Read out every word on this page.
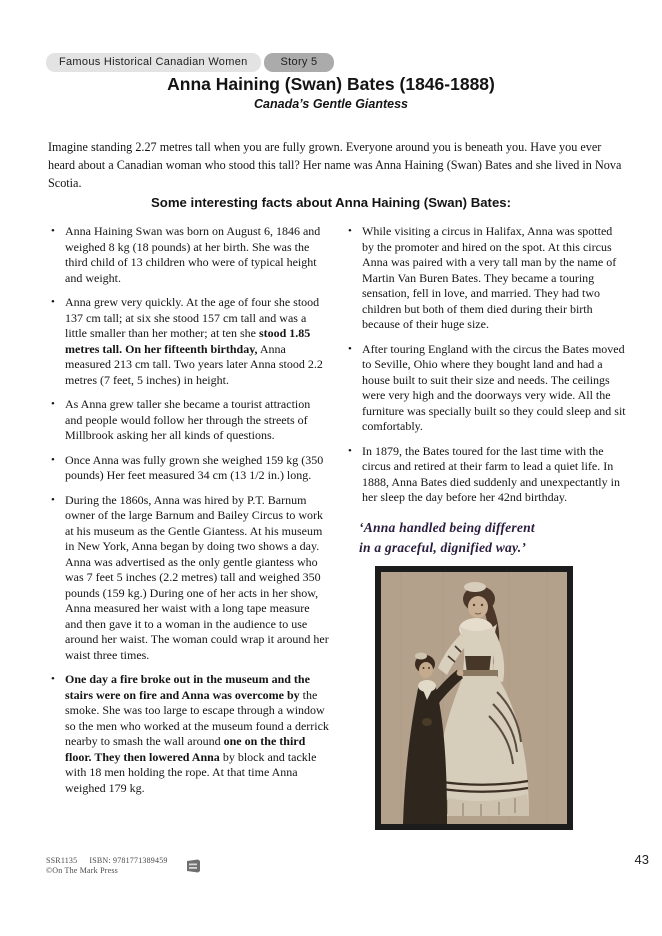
Famous Historical Canadian Women	Story 5
Anna Haining (Swan) Bates (1846-1888)
Canada’s Gentle Giantess

Imagine standing 2.27 metres tall when you are fully grown. Everyone around you is beneath you. Have you ever heard about a Canadian woman who stood this tall? Her name was Anna Haining (Swan) Bates and she lived in Nova Scotia.

Some interesting facts about Anna Haining (Swan) Bates:
• Anna Haining Swan was born on August 6, 1846 and weighed 8 kg (18 pounds) at her birth. She was the third child of 13 children who were of typical height and weight.
• Anna grew very quickly. At the age of four she stood 137 cm tall; at six she stood 157 cm tall and was a little smaller than her mother; at ten she stood 1.85 metres tall. On her fifteenth birthday, Anna measured 213 cm tall. Two years later Anna stood 2.2 metres (7 feet, 5 inches) in height.
• As Anna grew taller she became a tourist attraction and people would follow her through the streets of Millbrook asking her all kinds of questions.
• Once Anna was fully grown she weighed 159 kg (350 pounds) Her feet measured 34 cm (13 1/2 in.) long.
• During the 1860s, Anna was hired by P.T. Barnum owner of the large Barnum and Bailey Circus to work at his museum as the Gentle Giantess. At his museum in New York, Anna began by doing two shows a day. Anna was advertised as the only gentle giantess who was 7 feet 5 inches (2.2 metres) tall and weighed 350 pounds (159 kg.) During one of her acts in her show, Anna measured her waist with a long tape measure and then gave it to a woman in the audience to use around her waist. The woman could wrap it around her waist three times.
• One day a fire broke out in the museum and the stairs were on fire and Anna was overcome by the smoke. She was too large to escape through a window so the men who worked at the museum found a derrick nearby to smash the wall around one on the third floor. They then lowered Anna by block and tackle with 18 men holding the rope. At that time Anna weighed 179 kg.
• While visiting a circus in Halifax, Anna was spotted by the promoter and hired on the spot. At this circus Anna was paired with a very tall man by the name of Martin Van Buren Bates. They became a touring sensation, fell in love, and married. They had two children but both of them died during their birth because of their huge size.
• After touring England with the circus the Bates moved to Seville, Ohio where they bought land and had a house built to suit their size and needs. The ceilings were very high and the doorways very wide. All the furniture was specially built so they could sleep and sit comfortably.
• In 1879, the Bates toured for the last time with the circus and retired at their farm to lead a quiet life. In 1888, Anna Bates died suddenly and unexpectantly in her sleep the day before her 42nd birthday.
‘Anna handled being different
in a graceful, dignified way.’
SSR1135 ISBN: 9781771389459
©On The Mark Press
43
